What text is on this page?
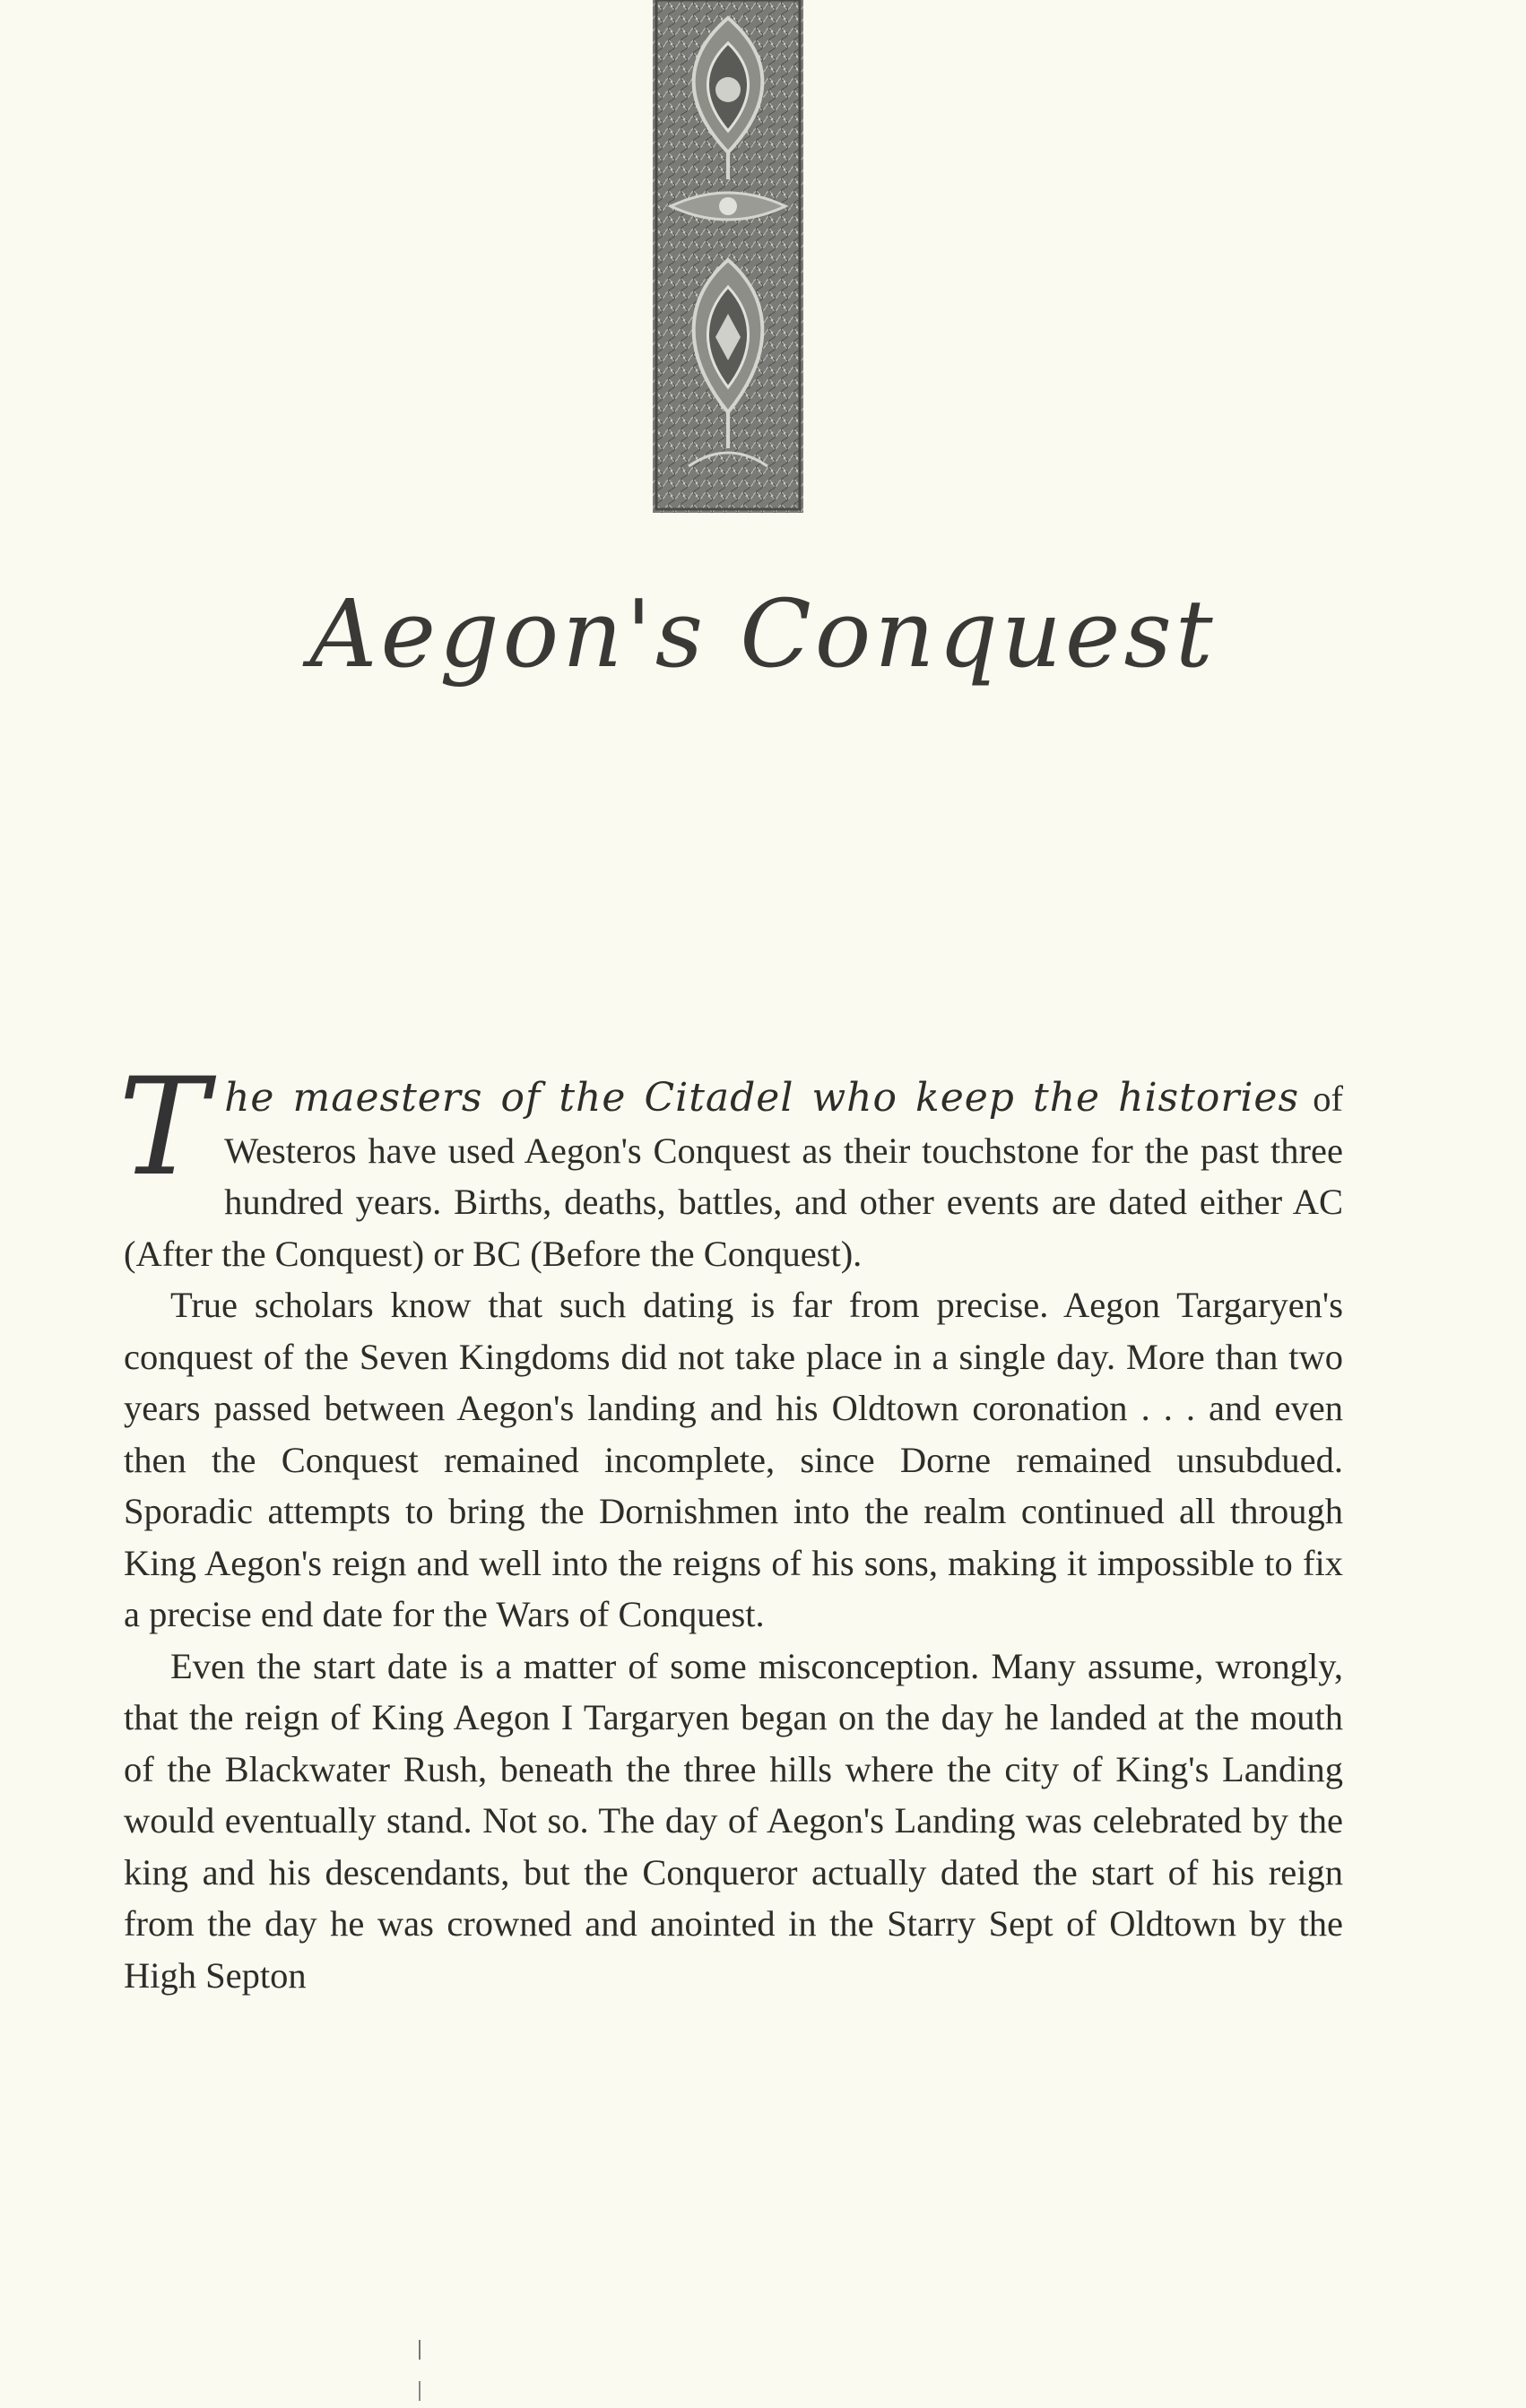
Aegon's Conquest

The maesters of the Citadel who keep the histories of Westeros have used Aegon's Conquest as their touchstone for the past three hundred years. Births, deaths, battles, and other events are dated either AC (After the Conquest) or BC (Before the Conquest).

True scholars know that such dating is far from precise. Aegon Targaryen's conquest of the Seven Kingdoms did not take place in a single day. More than two years passed between Aegon's landing and his Oldtown coronation . . . and even then the Conquest remained incomplete, since Dorne remained unsubdued. Sporadic attempts to bring the Dornishmen into the realm continued all through King Aegon's reign and well into the reigns of his sons, making it impossible to fix a precise end date for the Wars of Conquest.

Even the start date is a matter of some misconception. Many assume, wrongly, that the reign of King Aegon I Targaryen began on the day he landed at the mouth of the Blackwater Rush, beneath the three hills where the city of King's Landing would eventually stand. Not so. The day of Aegon's Landing was celebrated by the king and his descendants, but the Conqueror actually dated the start of his reign from the day he was crowned and anointed in the Starry Sept of Oldtown by the High Septon
